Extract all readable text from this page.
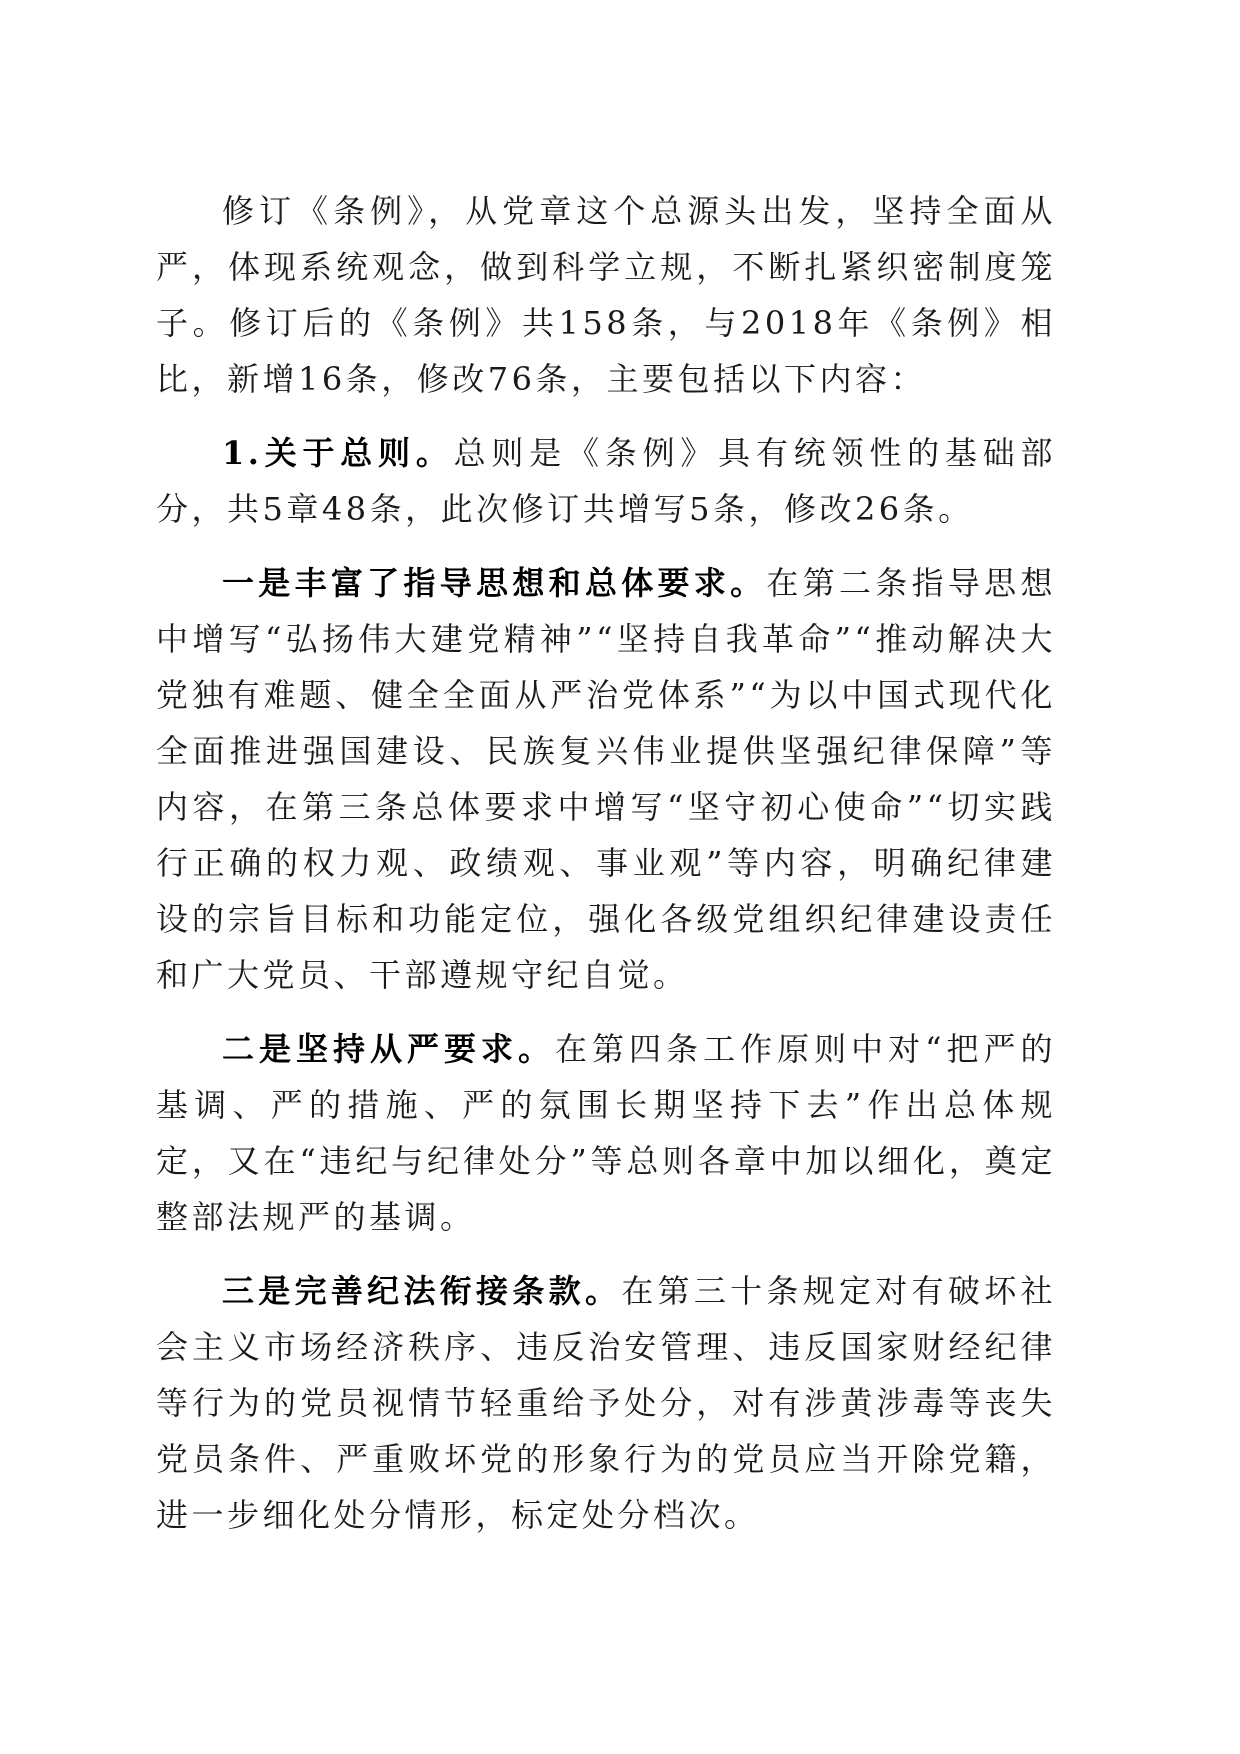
修订《条例》，从党章这个总源头出发，坚持全面从严，体现系统观念，做到科学立规，不断扎紧织密制度笼子。修订后的《条例》共158条，与2018年《条例》相比，新增16条，修改76条，主要包括以下内容：

1.关于总则。总则是《条例》具有统领性的基础部分，共5章48条，此次修订共增写5条，修改26条。

一是丰富了指导思想和总体要求。在第二条指导思想中增写“弘扬伟大建党精神”“坚持自我革命”“推动解决大党独有难题、健全全面从严治党体系”“为以中国式现代化全面推进强国建设、民族复兴伟业提供坚强纪律保障”等内容，在第三条总体要求中增写“坚守初心使命”“切实践行正确的权力观、政绩观、事业观”等内容，明确纪律建设的宗旨目标和功能定位，强化各级党组织纪律建设责任和广大党员、干部遵规守纪自觉。

二是坚持从严要求。在第四条工作原则中对“把严的基调、严的措施、严的氛围长期坚持下去”作出总体规定，又在“违纪与纪律处分”等总则各章中加以细化，奠定整部法规严的基调。

三是完善纪法衔接条款。在第三十条规定对有破坏社会主义市场经济秩序、违反治安管理、违反国家财经纪律等行为的党员视情节轻重给予处分，对有涉黄涉毒等丧失党员条件、严重败坏党的形象行为的党员应当开除党籍，进一步细化处分情形，标定处分档次。
